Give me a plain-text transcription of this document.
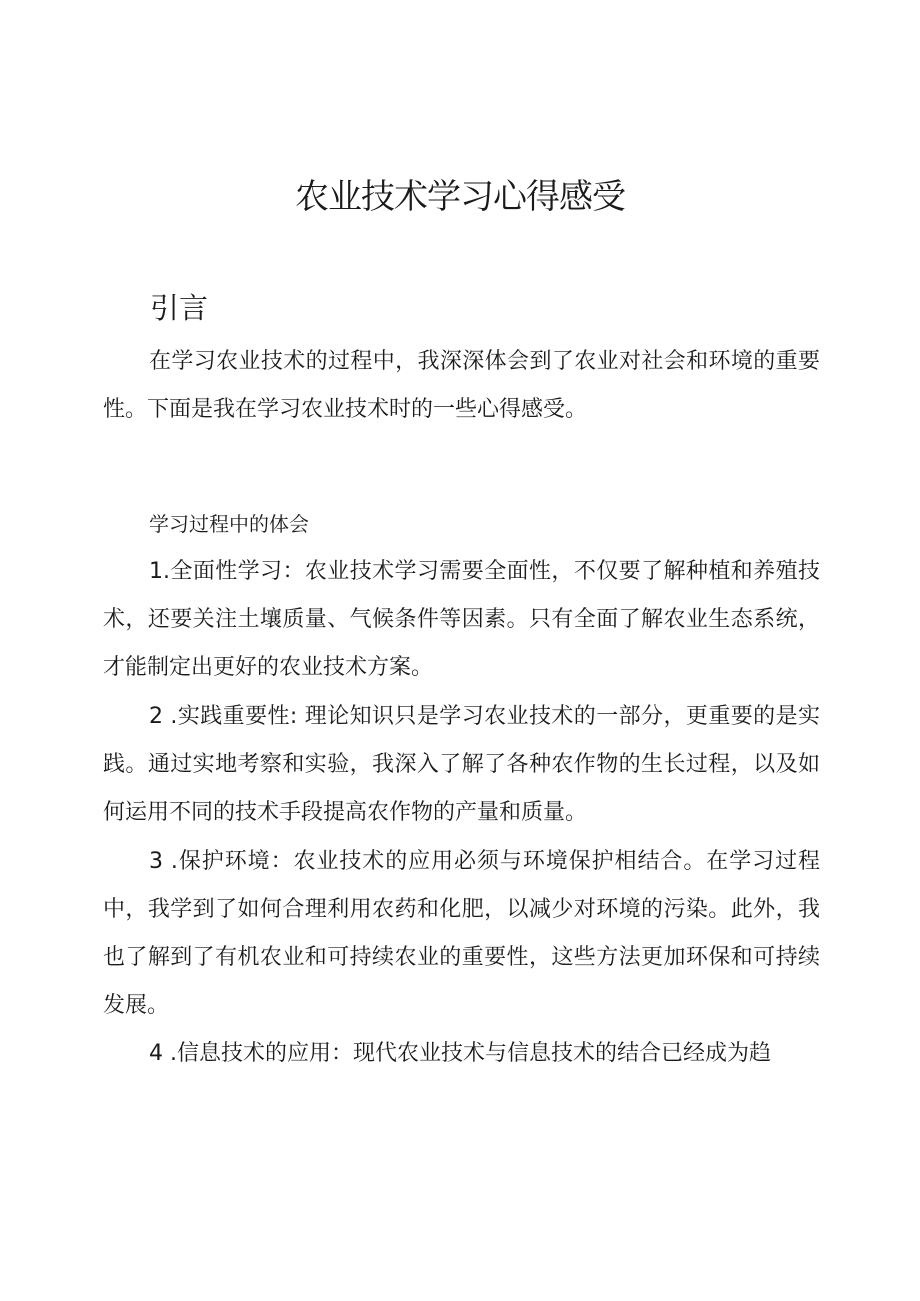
农业技术学习心得感受
引言

在学习农业技术的过程中，我深深体会到了农业对社会和环境的重要性。下面是我在学习农业技术时的一些心得感受。

学习过程中的体会

1.全面性学习：农业技术学习需要全面性，不仅要了解种植和养殖技术，还要关注土壤质量、气候条件等因素。只有全面了解农业生态系统，才能制定出更好的农业技术方案。

2 .实践重要性: 理论知识只是学习农业技术的一部分，更重要的是实践。通过实地考察和实验，我深入了解了各种农作物的生长过程，以及如何运用不同的技术手段提高农作物的产量和质量。

3 .保护环境：农业技术的应用必须与环境保护相结合。在学习过程中，我学到了如何合理利用农药和化肥，以减少对环境的污染。此外，我也了解到了有机农业和可持续农业的重要性，这些方法更加环保和可持续发展。

4 .信息技术的应用：现代农业技术与信息技术的结合已经成为趋
